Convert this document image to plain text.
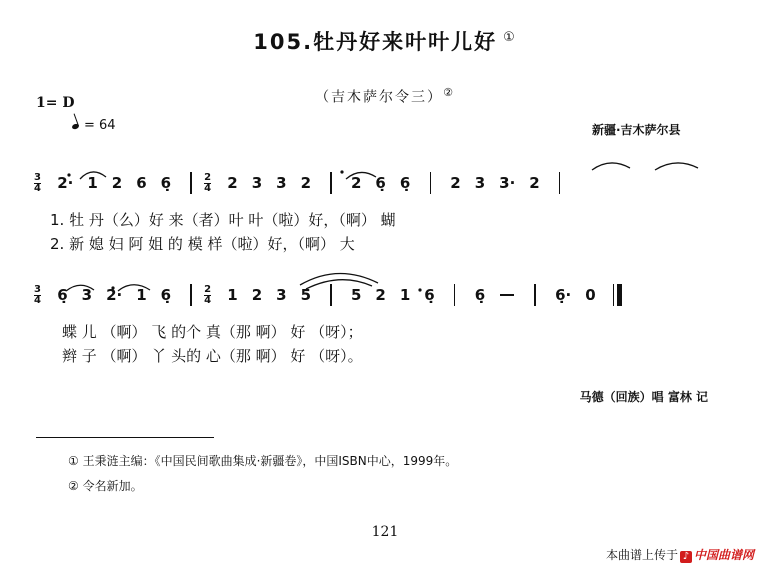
105.牡丹好来叶叶儿好 ①
（吉木萨尔令三）②
1= D
= 64	新疆·吉木萨尔县
$\frac{3}{4} 2\cdot 1$ 2 6 6̣	$\frac{2}{4} 2$ 3 3 2	2 6̣ 6̣	2 3 3· 2
1. 牡 丹（么）好 来（者）叶 叶（啦）好，（啊） 蝴
2. 新 媳 妇 阿 姐 的 模 样（啦）好，（啊） 大
$\frac{3}{4}$ 6̣ 3 2· 1 6̣	$\frac{2}{4} 1$ 2 3 5	5 2 1 6̣	6̣	6̣· 0
蝶 儿 （啊） 飞 的个 真（那 啊） 好 （呀）；
辫 子 （啊） 丫 头的 心（那 啊） 好 （呀）。
马德（回族）唱 富林 记
① 王秉涟主编：《中国民间歌曲集成·新疆卷》，中国ISBN中心，1999年。
② 令名新加。
121
本曲谱上传于 ♪ 中国曲谱网
